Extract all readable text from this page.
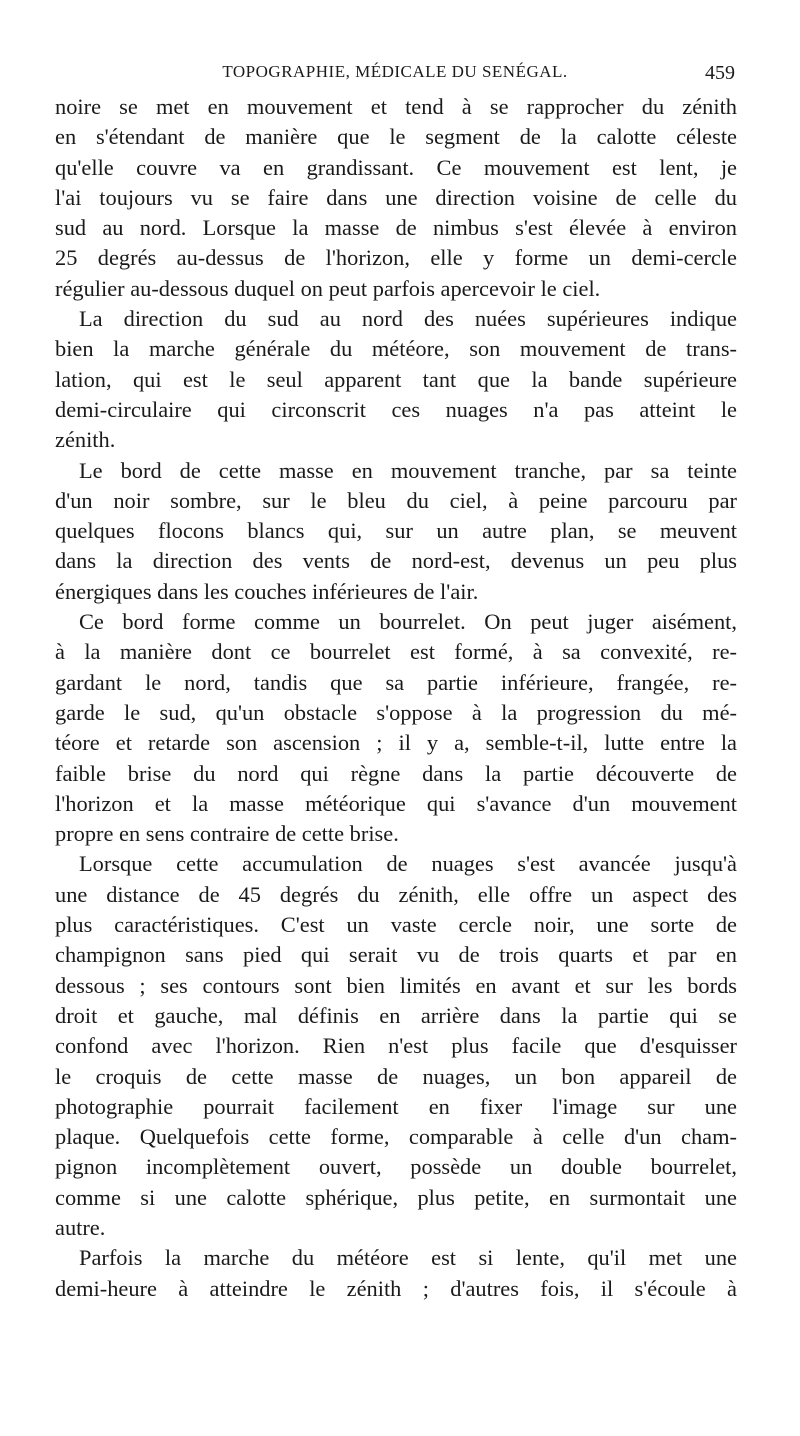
TOPOGRAPHIE, MÉDICALE DU SENÉGAL.	459
noire se met en mouvement et tend à se rapprocher du zénith
en s'étendant de manière que le segment de la calotte céleste
qu'elle couvre va en grandissant. Ce mouvement est lent, je
l'ai toujours vu se faire dans une direction voisine de celle du
sud au nord. Lorsque la masse de nimbus s'est élevée à environ
25 degrés au-dessus de l'horizon, elle y forme un demi-cercle
régulier au-dessous duquel on peut parfois apercevoir le ciel.
La direction du sud au nord des nuées supérieures indique
bien la marche générale du météore, son mouvement de trans-
lation, qui est le seul apparent tant que la bande supérieure
demi-circulaire qui circonscrit ces nuages n'a pas atteint le
zénith.
Le bord de cette masse en mouvement tranche, par sa teinte
d'un noir sombre, sur le bleu du ciel, à peine parcouru par
quelques flocons blancs qui, sur un autre plan, se meuvent
dans la direction des vents de nord-est, devenus un peu plus
énergiques dans les couches inférieures de l'air.
Ce bord forme comme un bourrelet. On peut juger aisément,
à la manière dont ce bourrelet est formé, à sa convexité, re-
gardant le nord, tandis que sa partie inférieure, frangée, re-
garde le sud, qu'un obstacle s'oppose à la progression du mé-
téore et retarde son ascension ; il y a, semble-t-il, lutte entre la
faible brise du nord qui règne dans la partie découverte de
l'horizon et la masse météorique qui s'avance d'un mouvement
propre en sens contraire de cette brise.
Lorsque cette accumulation de nuages s'est avancée jusqu'à
une distance de 45 degrés du zénith, elle offre un aspect des
plus caractéristiques. C'est un vaste cercle noir, une sorte de
champignon sans pied qui serait vu de trois quarts et par en
dessous ; ses contours sont bien limités en avant et sur les bords
droit et gauche, mal définis en arrière dans la partie qui se
confond avec l'horizon. Rien n'est plus facile que d'esquisser
le croquis de cette masse de nuages, un bon appareil de
photographie pourrait facilement en fixer l'image sur une
plaque. Quelquefois cette forme, comparable à celle d'un cham-
pignon incomplètement ouvert, possède un double bourrelet,
comme si une calotte sphérique, plus petite, en surmontait une
autre.
Parfois la marche du météore est si lente, qu'il met une
demi-heure à atteindre le zénith ; d'autres fois, il s'écoule à
